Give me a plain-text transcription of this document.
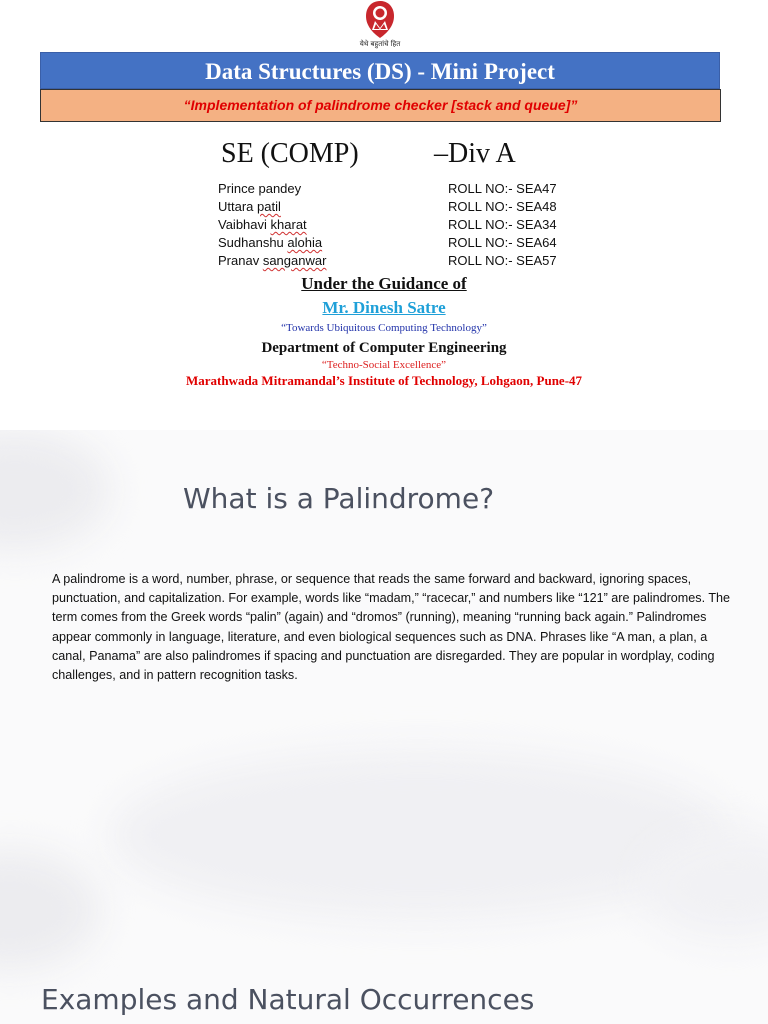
येथे बहुतांचे हित
Data Structures (DS) - Mini Project
“Implementation of palindrome checker [stack and queue]”
SE (COMP)	–Div A
Prince pandey
Uttara patil
Vaibhavi kharat
Sudhanshu alohia
Pranav sanganwar
ROLL NO:- SEA47
ROLL NO:- SEA48
ROLL NO:- SEA34
ROLL NO:- SEA64
ROLL NO:- SEA57
Under the Guidance of
Mr. Dinesh Satre
“Towards Ubiquitous Computing Technology”
Department of Computer Engineering
“Techno-Social Excellence”
Marathwada Mitramandal’s Institute of Technology, Lohgaon, Pune-47
What is a Palindrome?
A palindrome is a word, number, phrase, or sequence that reads the same forward and backward, ignoring spaces, punctuation, and capitalization. For example, words like “madam,” “racecar,” and numbers like “121” are palindromes. The term comes from the Greek words “palin” (again) and “dromos” (running), meaning “running back again.” Palindromes appear commonly in language, literature, and even biological sequences such as DNA. Phrases like “A man, a plan, a canal, Panama” are also palindromes if spacing and punctuation are disregarded. They are popular in wordplay, coding challenges, and in pattern recognition tasks.
Examples and Natural Occurrences
